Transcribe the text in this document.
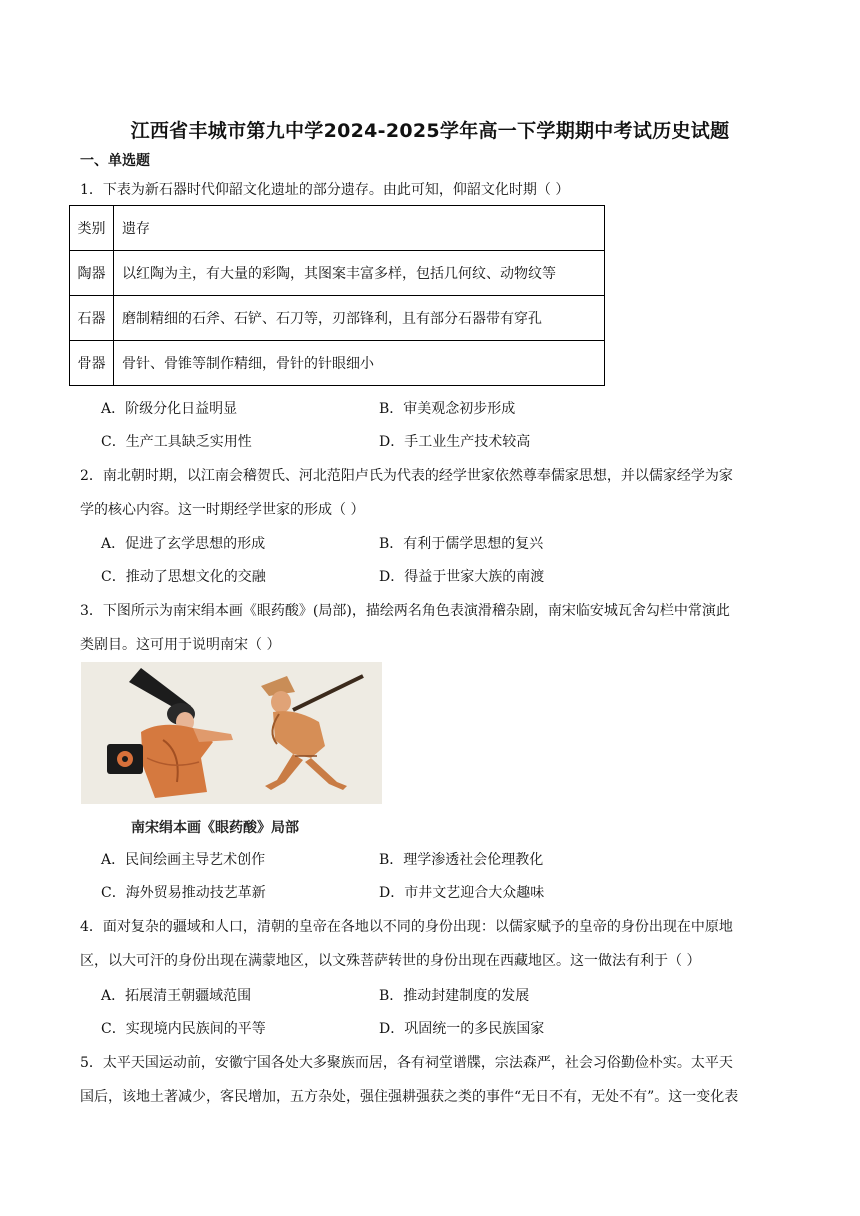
江西省丰城市第九中学2024-2025学年高一下学期期中考试历史试题
一、单选题
1．下表为新石器时代仰韶文化遗址的部分遗存。由此可知，仰韶文化时期（ ）
类别	遗存
陶器	以红陶为主，有大量的彩陶，其图案丰富多样，包括几何纹、动物纹等
石器	磨制精细的石斧、石铲、石刀等，刃部锋利，且有部分石器带有穿孔
骨器	骨针、骨锥等制作精细，骨针的针眼细小
A．阶级分化日益明显	B．审美观念初步形成
C．生产工具缺乏实用性	D．手工业生产技术较高
2．南北朝时期，以江南会稽贺氏、河北范阳卢氏为代表的经学世家依然尊奉儒家思想，并以儒家经学为家
学的核心内容。这一时期经学世家的形成（ ）
A．促进了玄学思想的形成	B．有利于儒学思想的复兴
C．推动了思想文化的交融	D．得益于世家大族的南渡
3．下图所示为南宋绢本画《眼药酸》(局部)，描绘两名角色表演滑稽杂剧，南宋临安城瓦舍勾栏中常演此
类剧目。这可用于说明南宋（ ）
南宋绢本画《眼药酸》局部
A．民间绘画主导艺术创作	B．理学渗透社会伦理教化
C．海外贸易推动技艺革新	D．市井文艺迎合大众趣味
4．面对复杂的疆域和人口，清朝的皇帝在各地以不同的身份出现：以儒家赋予的皇帝的身份出现在中原地
区，以大可汗的身份出现在满蒙地区，以文殊菩萨转世的身份出现在西藏地区。这一做法有利于（ ）
A．拓展清王朝疆域范围	B．推动封建制度的发展
C．实现境内民族间的平等	D．巩固统一的多民族国家
5．太平天国运动前，安徽宁国各处大多聚族而居，各有祠堂谱牒，宗法森严，社会习俗勤俭朴实。太平天
国后，该地土著减少，客民增加，五方杂处，强住强耕强获之类的事件“无日不有，无处不有”。这一变化表
